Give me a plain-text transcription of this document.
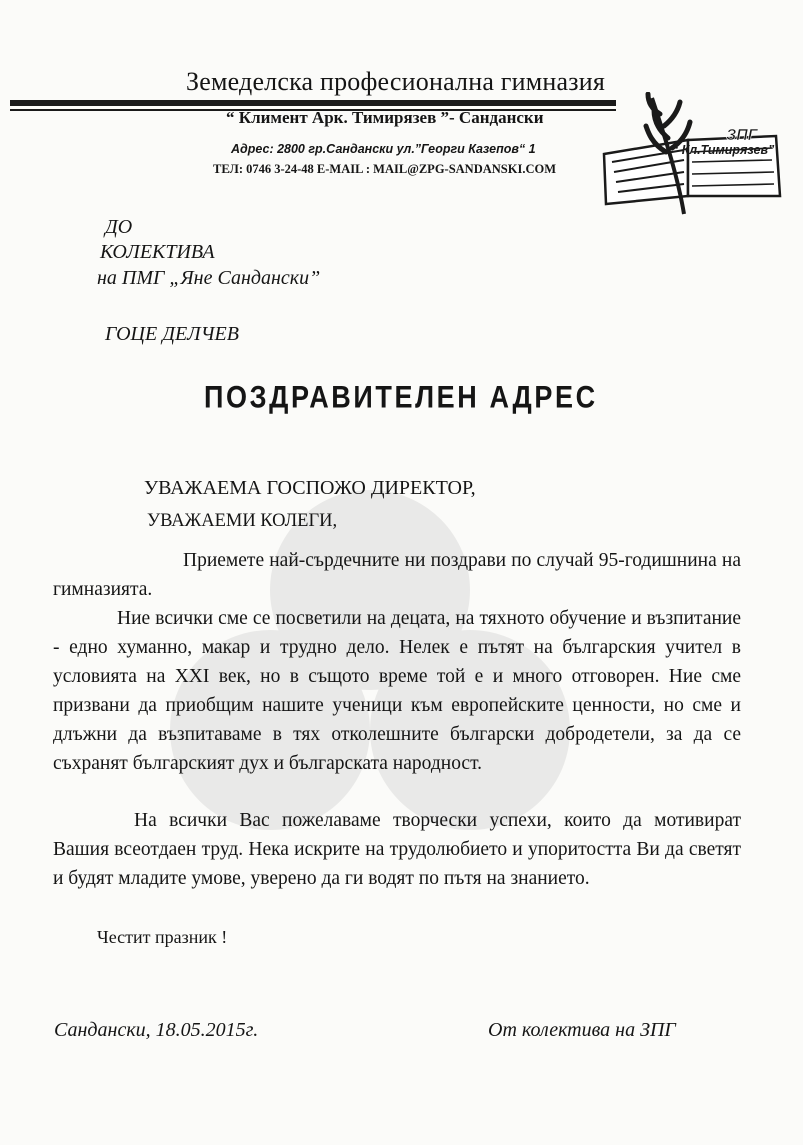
Земеделска професионална гимназия
“ Климент Арк. Тимирязев ”- Сандански
Адрес: 2800 гр.Сандански ул.”Георги Казепов“ 1
ТЕЛ: 0746 3-24-48 E-MAIL : MAIL@ZPG-SANDANSKI.COM
ЗПГ
“ Кл.Тимирязев”
ДО
КОЛЕКТИВА
на ПМГ „Яне Сандански”
ГОЦЕ ДЕЛЧЕВ
ПОЗДРАВИТЕЛЕН АДРЕС
УВАЖАЕМА ГОСПОЖО ДИРЕКТОР,
УВАЖАЕМИ КОЛЕГИ,
Приемете най-сърдечните ни поздрави по случай 95-годишнина на гимназията.
Ние всички сме се посветили на децата, на тяхното обучение и възпитание - едно хуманно, макар и трудно дело. Нелек е пътят на българския учител в условията на XXI век, но в същото време той е и много отговорен. Ние сме призвани да приобщим нашите ученици към европейските ценности, но сме и длъжни да възпитаваме в тях отколешните български добродетели, за да се съхранят българският дух и българската народност.
На всички Вас пожелаваме творчески успехи, които да мотивират Вашия всеотдаен труд. Нека искрите на трудолюбието и упоритостта Ви да светят и будят младите умове, уверено да ги водят по пътя на знанието.
Честит празник !
Сандански, 18.05.2015г.	От колектива на ЗПГ
